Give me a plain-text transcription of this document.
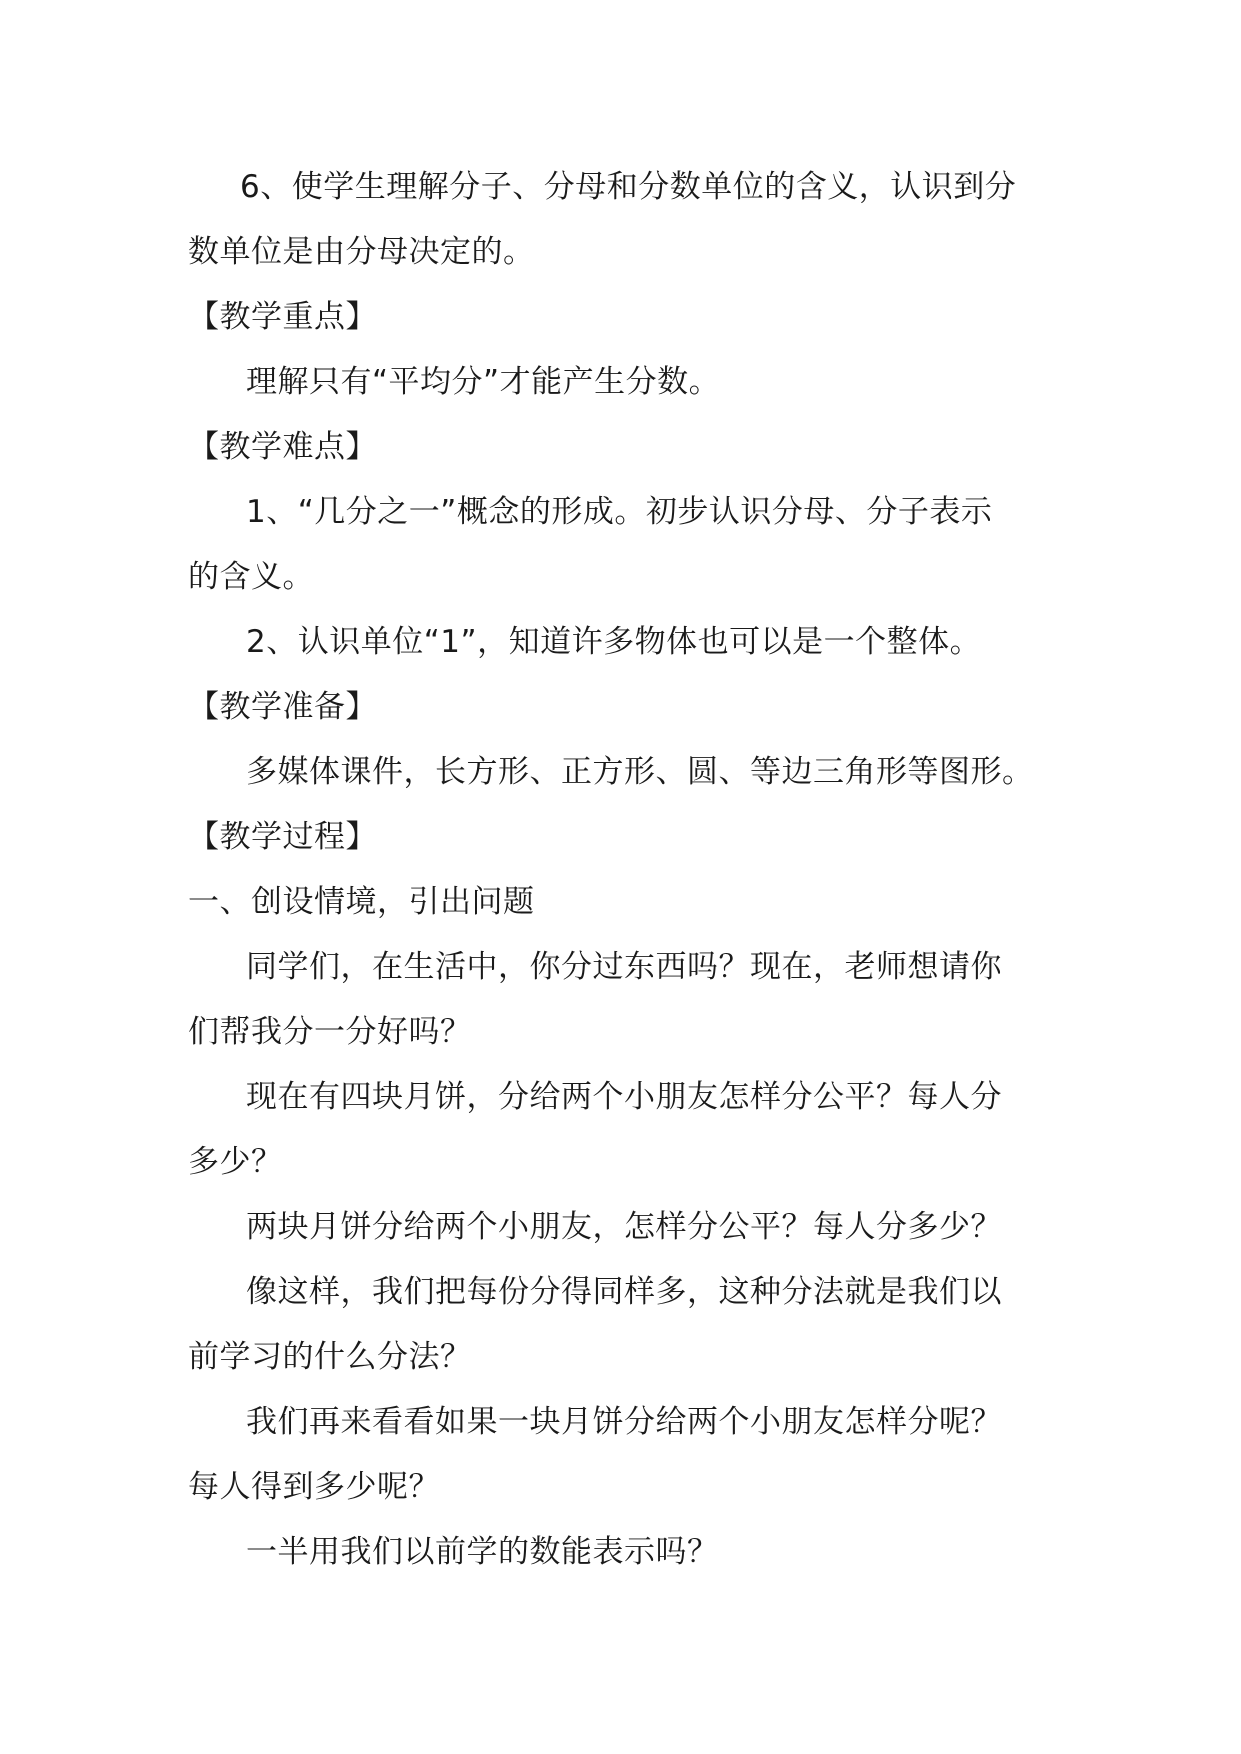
6、使学生理解分子、分母和分数单位的含义，认识到分
数单位是由分母决定的。
【教学重点】
理解只有“平均分”才能产生分数。
【教学难点】
1、“几分之一”概念的形成。初步认识分母、分子表示
的含义。
2、认识单位“1”，知道许多物体也可以是一个整体。
【教学准备】
多媒体课件，长方形、正方形、圆、等边三角形等图形。
【教学过程】
一、创设情境，引出问题
同学们，在生活中，你分过东西吗？现在，老师想请你
们帮我分一分好吗？
现在有四块月饼，分给两个小朋友怎样分公平？每人分
多少？
两块月饼分给两个小朋友，怎样分公平？每人分多少？
像这样，我们把每份分得同样多，这种分法就是我们以
前学习的什么分法？
我们再来看看如果一块月饼分给两个小朋友怎样分呢？
每人得到多少呢？
一半用我们以前学的数能表示吗？
